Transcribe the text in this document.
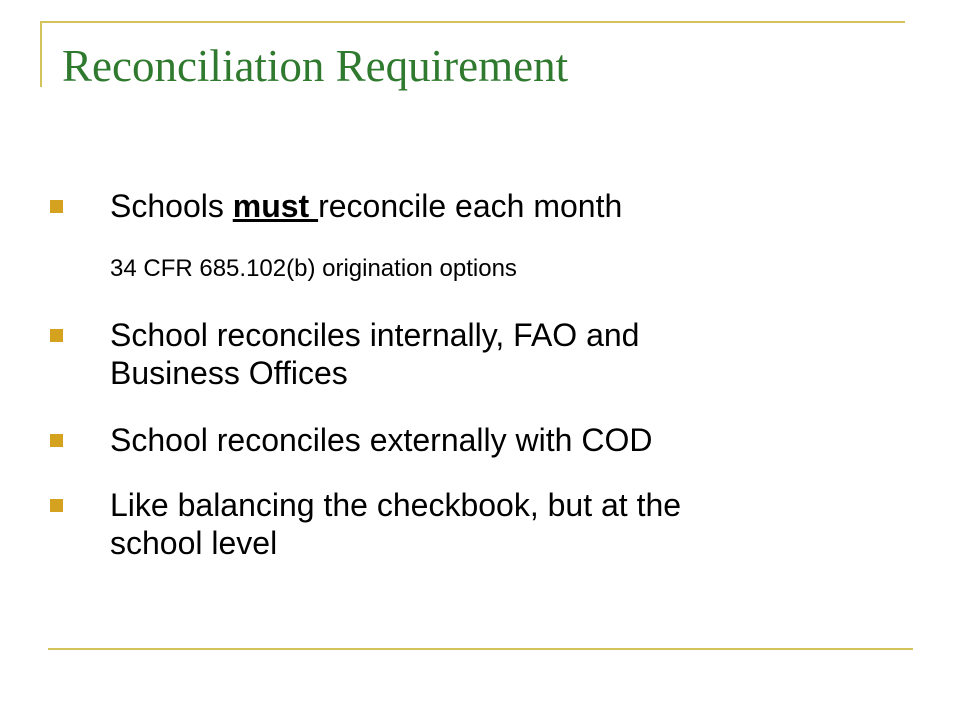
Reconciliation Requirement
Schools must reconcile each month
34 CFR 685.102(b) origination options
School reconciles internally, FAO and
Business Offices
School reconciles externally with COD
Like balancing the checkbook, but at the
school level
